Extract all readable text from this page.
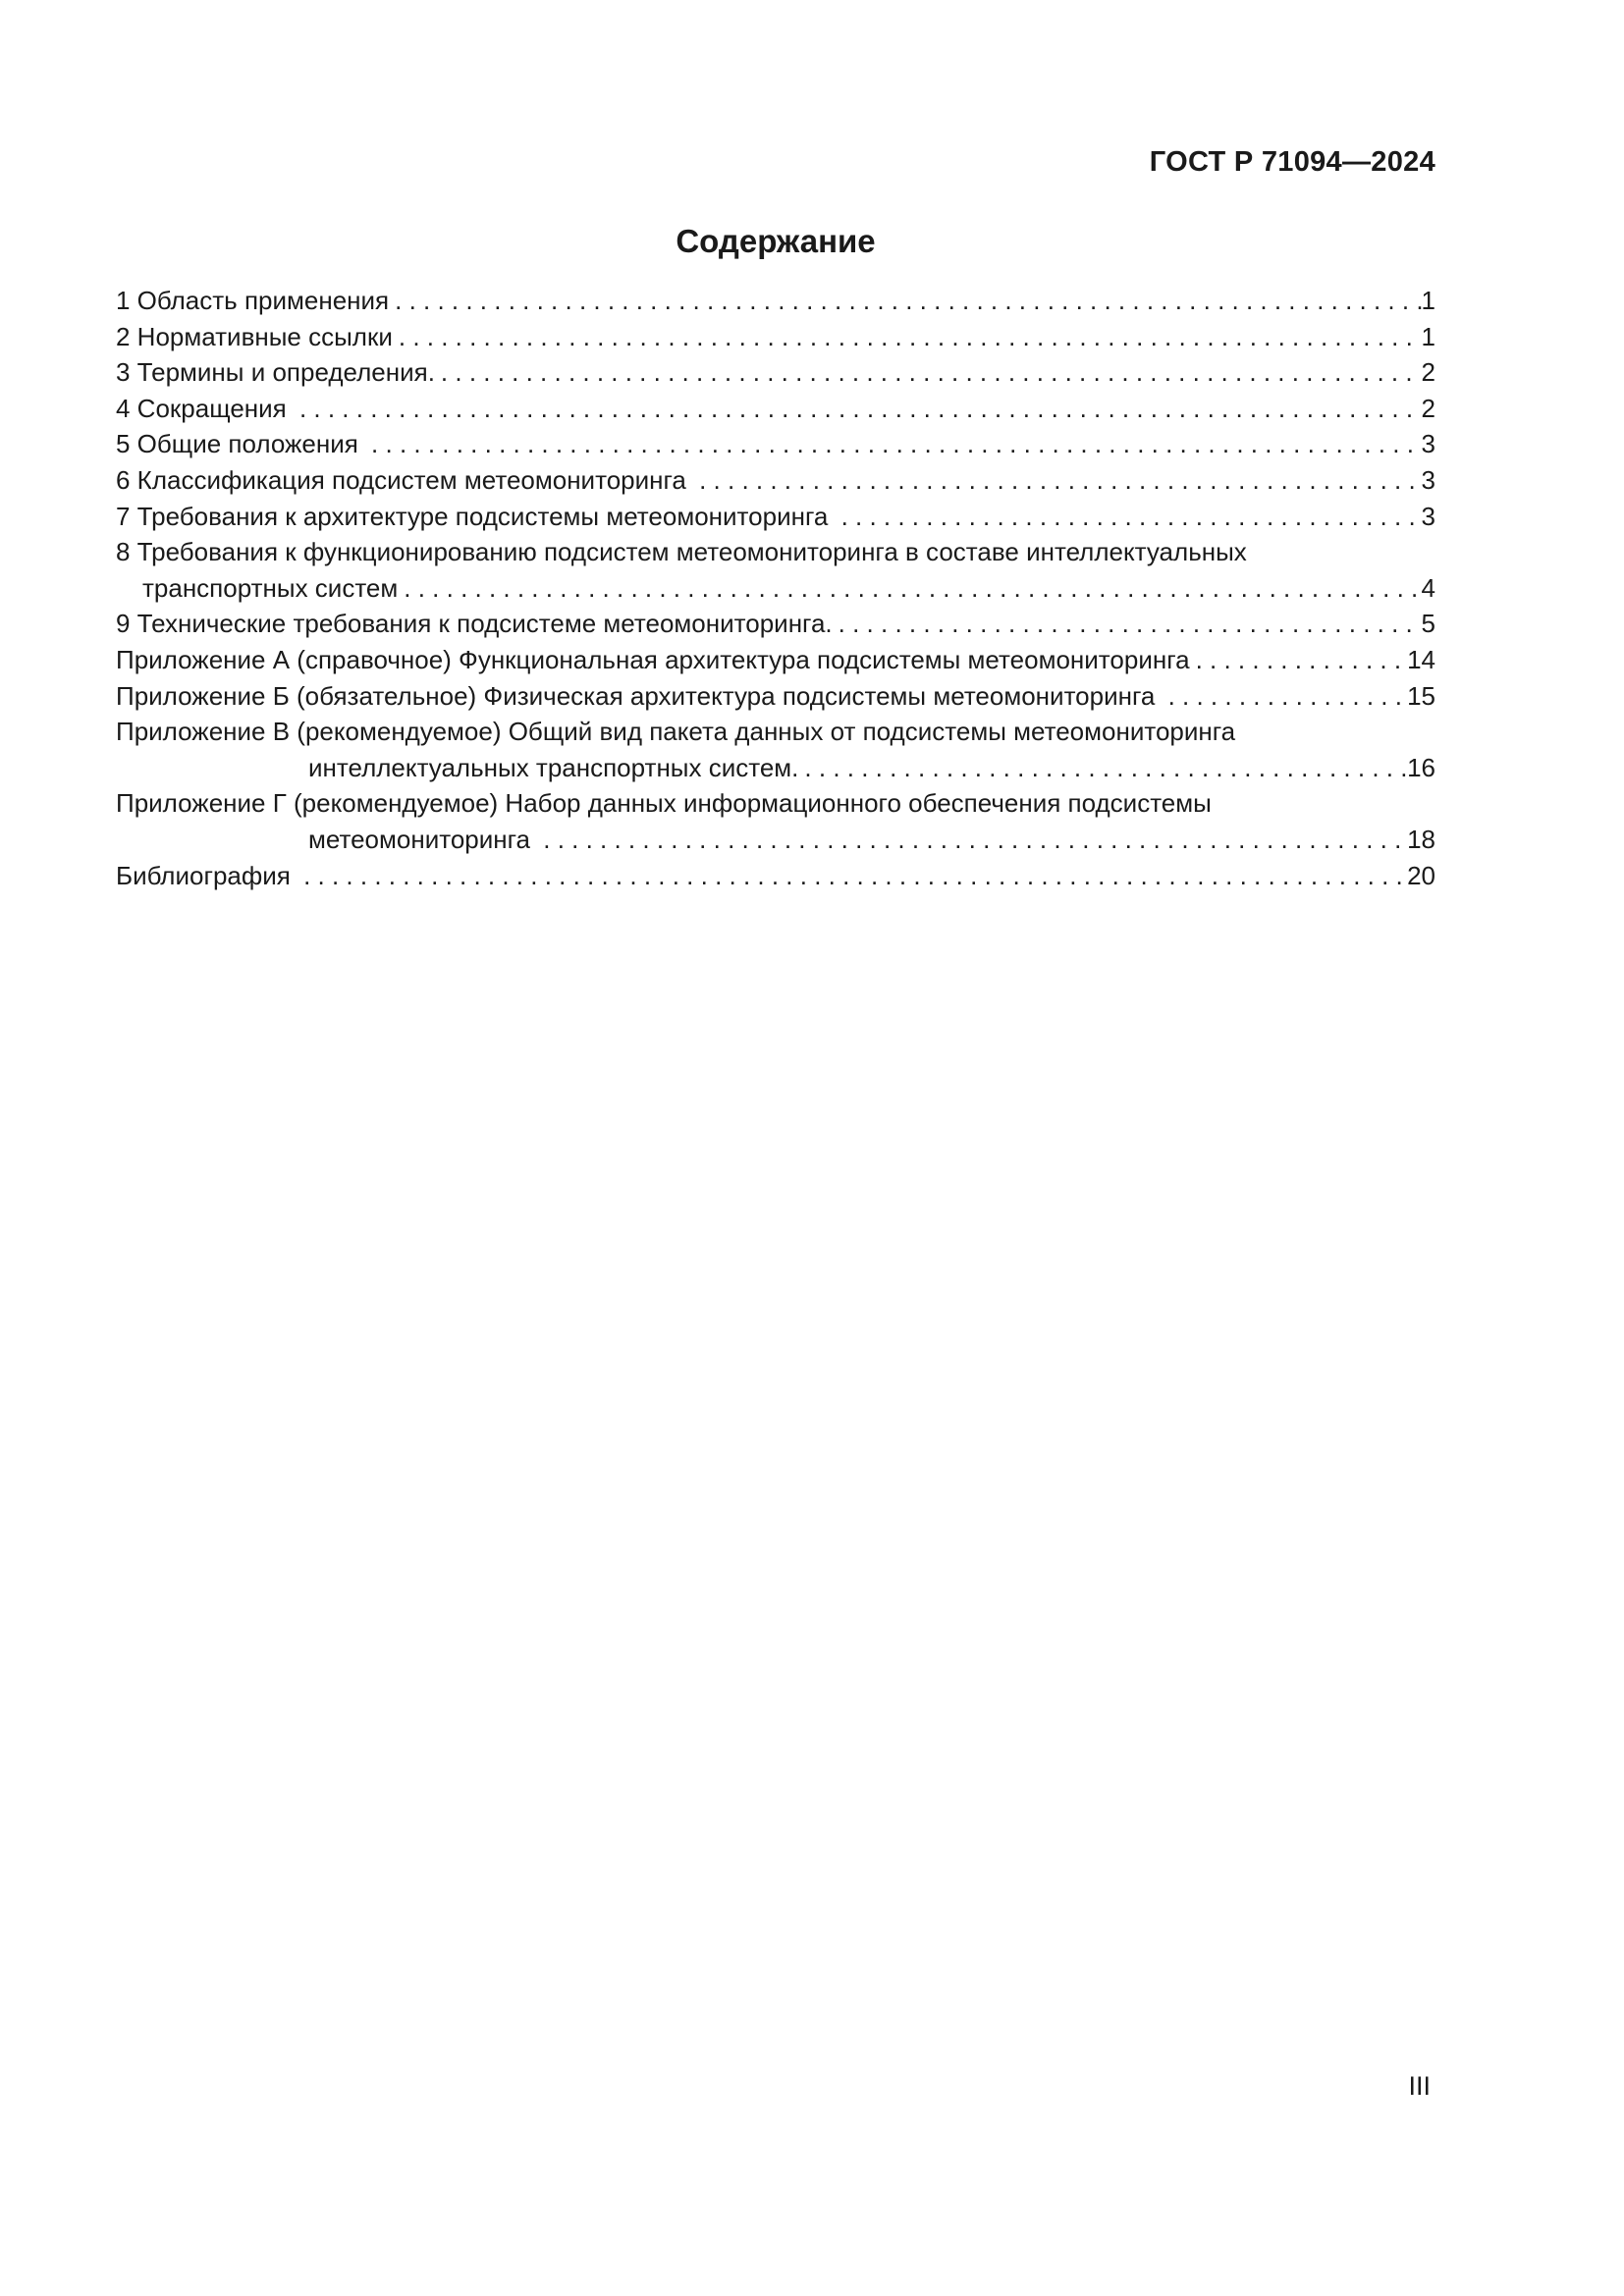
ГОСТ Р 71094—2024
Содержание
1 Область применения . . .	1
2 Нормативные ссылки . . .	1
3 Термины и определения. . . .	2
4 Сокращения . . .	2
5 Общие положения . . .	3
6 Классификация подсистем метеомониторинга . . .	3
7 Требования к архитектуре подсистемы метеомониторинга . . .	3
8 Требования к функционированию подсистем метеомониторинга в составе интеллектуальных
транспортных систем . . .	4
9 Технические требования к подсистеме метеомониторинга. . . .	5
Приложение А (справочное) Функциональная архитектура подсистемы метеомониторинга . . .	14
Приложение Б (обязательное) Физическая архитектура подсистемы метеомониторинга . . .	15
Приложение В (рекомендуемое) Общий вид пакета данных от подсистемы метеомониторинга
интеллектуальных транспортных систем. . . .	16
Приложение Г (рекомендуемое) Набор данных информационного обеспечения подсистемы
метеомониторинга . . .	18
Библиография . . .	20
III
